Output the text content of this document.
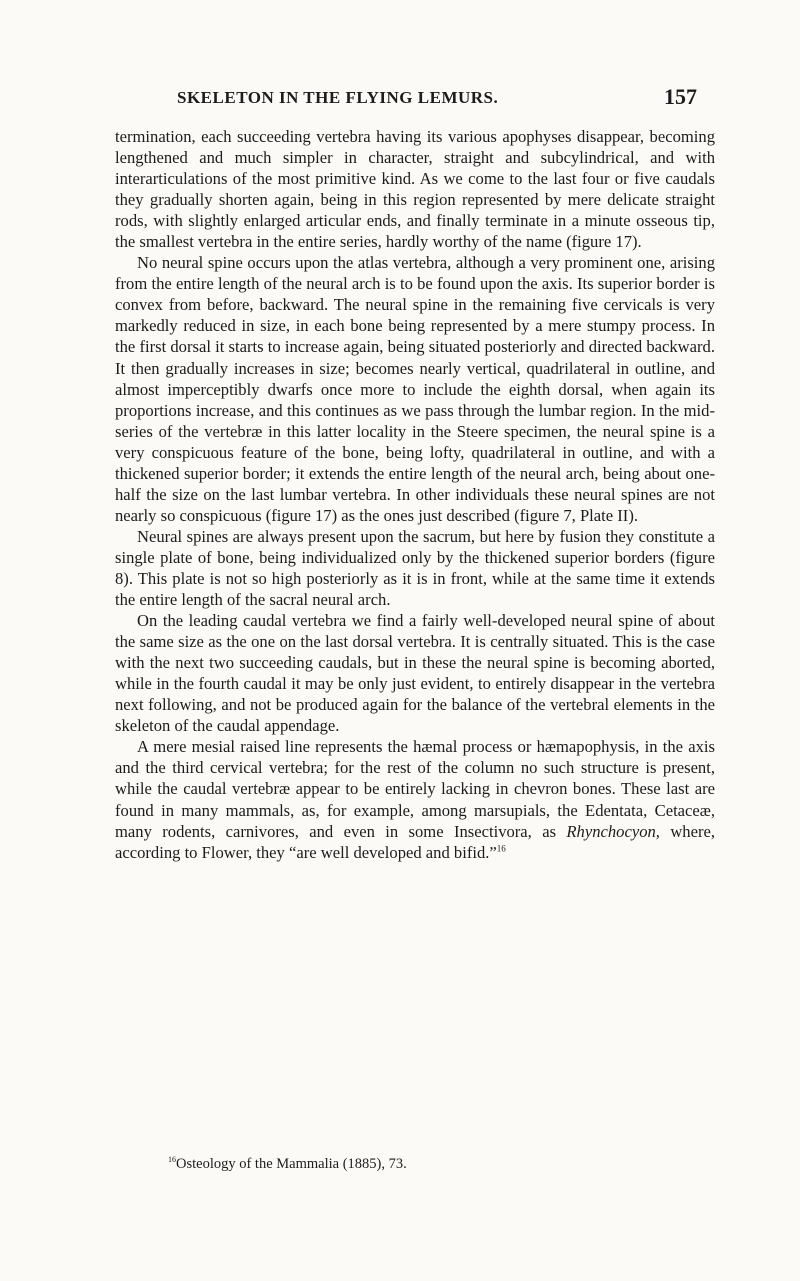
SKELETON IN THE FLYING LEMURS.	157

termination, each succeeding vertebra having its various apophyses disappear, becoming lengthened and much simpler in character, straight and subcylindrical, and with interarticulations of the most primitive kind. As we come to the last four or five caudals they gradually shorten again, being in this region represented by mere delicate straight rods, with slightly enlarged articular ends, and finally terminate in a minute osseous tip, the smallest vertebra in the entire series, hardly worthy of the name (figure 17).

No neural spine occurs upon the atlas vertebra, although a very prominent one, arising from the entire length of the neural arch is to be found upon the axis. Its superior border is convex from before, backward. The neural spine in the remaining five cervicals is very markedly reduced in size, in each bone being represented by a mere stumpy process. In the first dorsal it starts to increase again, being situated posteriorly and directed backward. It then gradually increases in size; becomes nearly vertical, quadrilateral in outline, and almost imperceptibly dwarfs once more to include the eighth dorsal, when again its proportions increase, and this continues as we pass through the lumbar region. In the mid-series of the vertebræ in this latter locality in the Steere specimen, the neural spine is a very conspicuous feature of the bone, being lofty, quadrilateral in outline, and with a thickened superior border; it extends the entire length of the neural arch, being about one-half the size on the last lumbar vertebra. In other individuals these neural spines are not nearly so conspicuous (figure 17) as the ones just described (figure 7, Plate II).

Neural spines are always present upon the sacrum, but here by fusion they constitute a single plate of bone, being individualized only by the thickened superior borders (figure 8). This plate is not so high posteriorly as it is in front, while at the same time it extends the entire length of the sacral neural arch.

On the leading caudal vertebra we find a fairly well-developed neural spine of about the same size as the one on the last dorsal vertebra. It is centrally situated. This is the case with the next two succeeding caudals, but in these the neural spine is becoming aborted, while in the fourth caudal it may be only just evident, to entirely disappear in the vertebra next following, and not be produced again for the balance of the vertebral elements in the skeleton of the caudal appendage.

A mere mesial raised line represents the hæmal process or hæmapophysis, in the axis and the third cervical vertebra; for the rest of the column no such structure is present, while the caudal vertebræ appear to be entirely lacking in chevron bones. These last are found in many mammals, as, for example, among marsupials, the Edentata, Cetaceæ, many rodents, carnivores, and even in some Insectivora, as Rhynchocyon, where, according to Flower, they “are well developed and bifid.”$^{16}$

$^{16}$Osteology of the Mammalia (1885), 73.
